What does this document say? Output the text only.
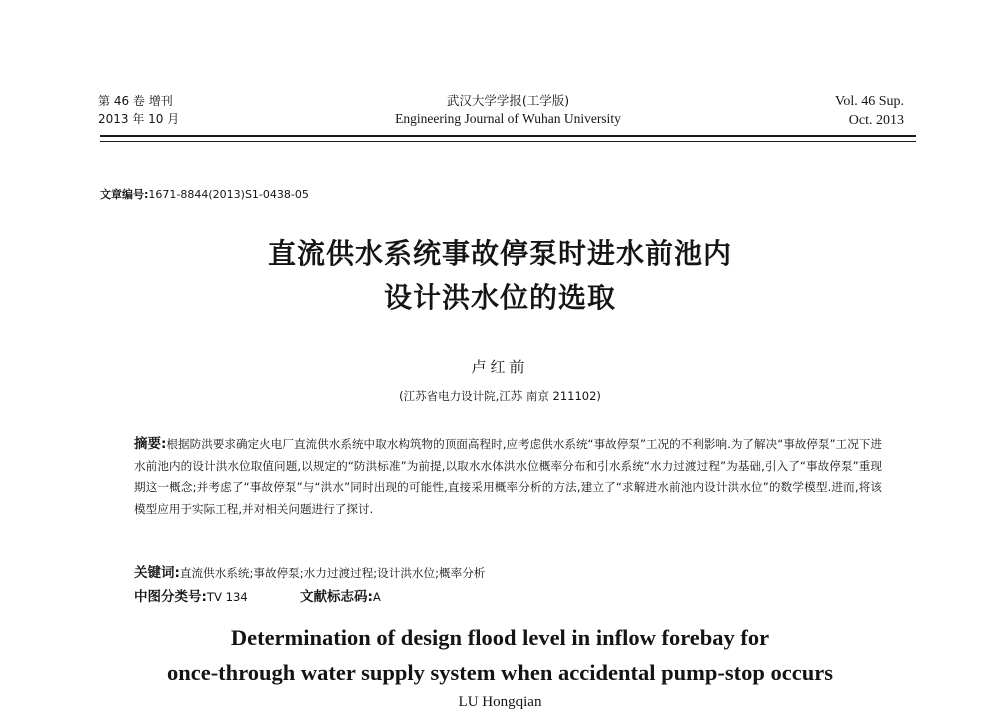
第 46 卷 增刊
2013 年 10 月
武汉大学学报(工学版)
Engineering Journal of Wuhan University
Vol. 46 Sup.
Oct. 2013
文章编号:1671-8844(2013)S1-0438-05
直流供水系统事故停泵时进水前池内
设计洪水位的选取
卢红前
(江苏省电力设计院,江苏 南京 211102)
摘要:根据防洪要求确定火电厂直流供水系统中取水构筑物的顶面高程时,应考虑供水系统“事故停泵”工况的不利影响.为了解决“事故停泵”工况下进水前池内的设计洪水位取值问题,以规定的“防洪标准”为前提,以取水水体洪水位概率分布和引水系统“水力过渡过程”为基础,引入了“事故停泵”重现期这一概念;并考虑了“事故停泵”与“洪水”同时出现的可能性,直接采用概率分析的方法,建立了“求解进水前池内设计洪水位”的数学模型.进而,将该模型应用于实际工程,并对相关问题进行了探讨.
关键词:直流供水系统;事故停泵;水力过渡过程;设计洪水位;概率分析
中图分类号:TV 134	文献标志码:A
Determination of design flood level in inflow forebay for
once-through water supply system when accidental pump-stop occurs
LU Hongqian
